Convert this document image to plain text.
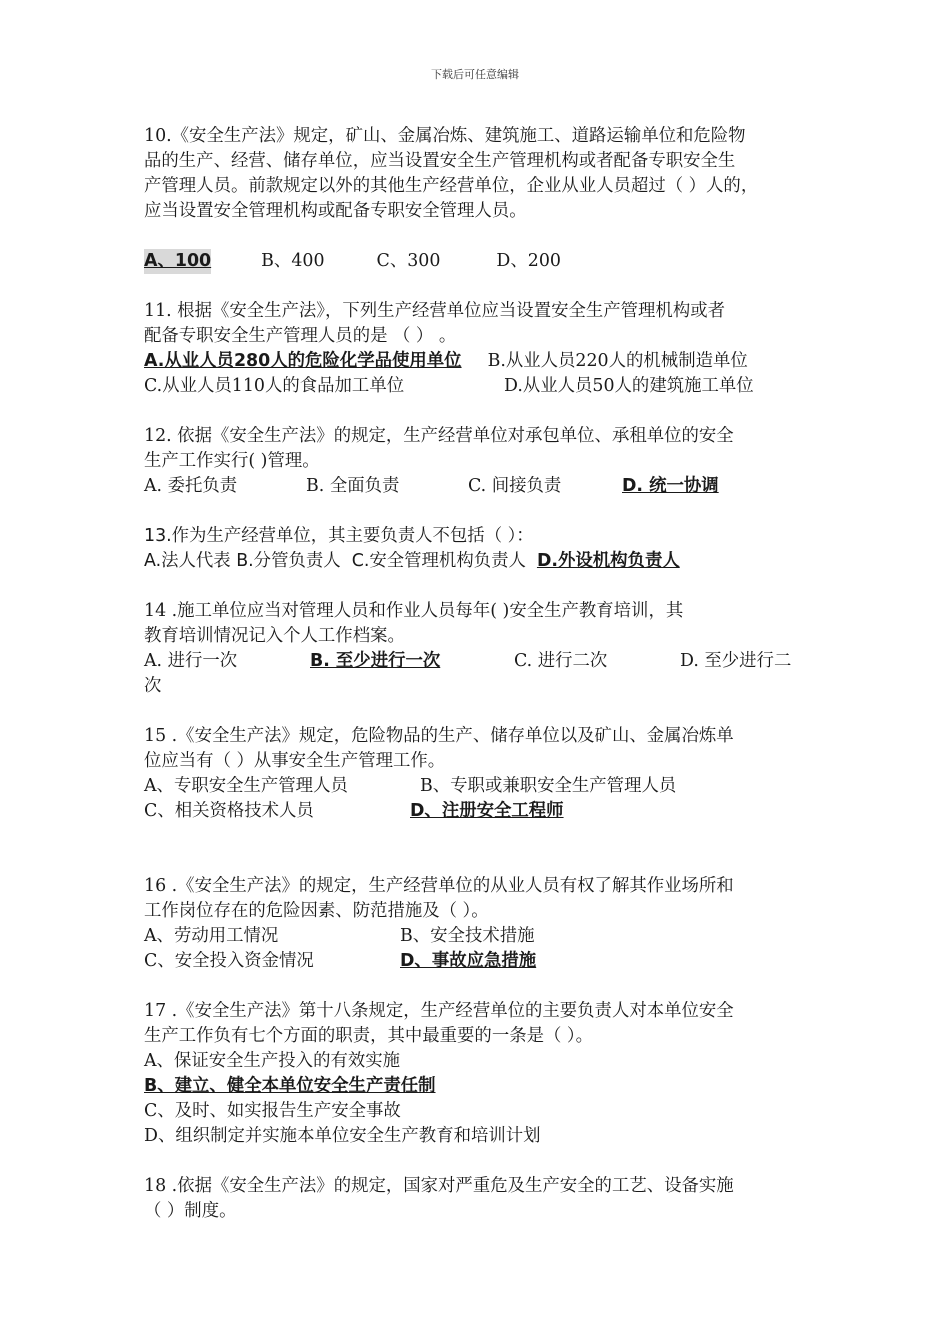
下载后可任意编辑

10.《安全生产法》规定，矿山、金属冶炼、建筑施工、道路运输单位和危险物

品的生产、经营、储存单位，应当设置安全生产管理机构或者配备专职安全生

产管理人员。前款规定以外的其他生产经营单位，企业从业人员超过（ ）人的，

应当设置安全管理机构或配备专职安全管理人员。

A、100	B、400	C、300	D、200

11. 根据《安全生产法》，下列生产经营单位应当设置安全生产管理机构或者

配备专职安全生产管理人员的是 （ ） 。

A.从业人员280人的危险化学品使用单位 B.从业人员220人的机械制造单位

C.从业人员110人的食品加工单位	D.从业人员50人的建筑施工单位

12. 依据《安全生产法》的规定，生产经营单位对承包单位、承租单位的安全

生产工作实行( )管理。

A. 委托负责	B. 全面负责	C. 间接负责	D. 统一协调

13.作为生产经营单位，其主要负责人不包括（ ）：

A.法人代表 B.分管负责人 C.安全管理机构负责人 D.外设机构负责人

14 .施工单位应当对管理人员和作业人员每年( )安全生产教育培训，其

教育培训情况记入个人工作档案。

A. 进行一次	B. 至少进行一次	C. 进行二次	D. 至少进行二

次

15 .《安全生产法》规定，危险物品的生产、储存单位以及矿山、金属冶炼单

位应当有（ ）从事安全生产管理工作。

A、专职安全生产管理人员	B、专职或兼职安全生产管理人员

C、相关资格技术人员	D、注册安全工程师

16 .《安全生产法》的规定，生产经营单位的从业人员有权了解其作业场所和

工作岗位存在的危险因素、防范措施及（ ）。

A、劳动用工情况	B、安全技术措施

C、安全投入资金情况	D、事故应急措施

17 .《安全生产法》第十八条规定，生产经营单位的主要负责人对本单位安全

生产工作负有七个方面的职责，其中最重要的一条是（ ）。

A、保证安全生产投入的有效实施

B、建立、健全本单位安全生产责任制

C、及时、如实报告生产安全事故

D、组织制定并实施本单位安全生产教育和培训计划

18 .依据《安全生产法》的规定，国家对严重危及生产安全的工艺、设备实施

（ ）制度。
